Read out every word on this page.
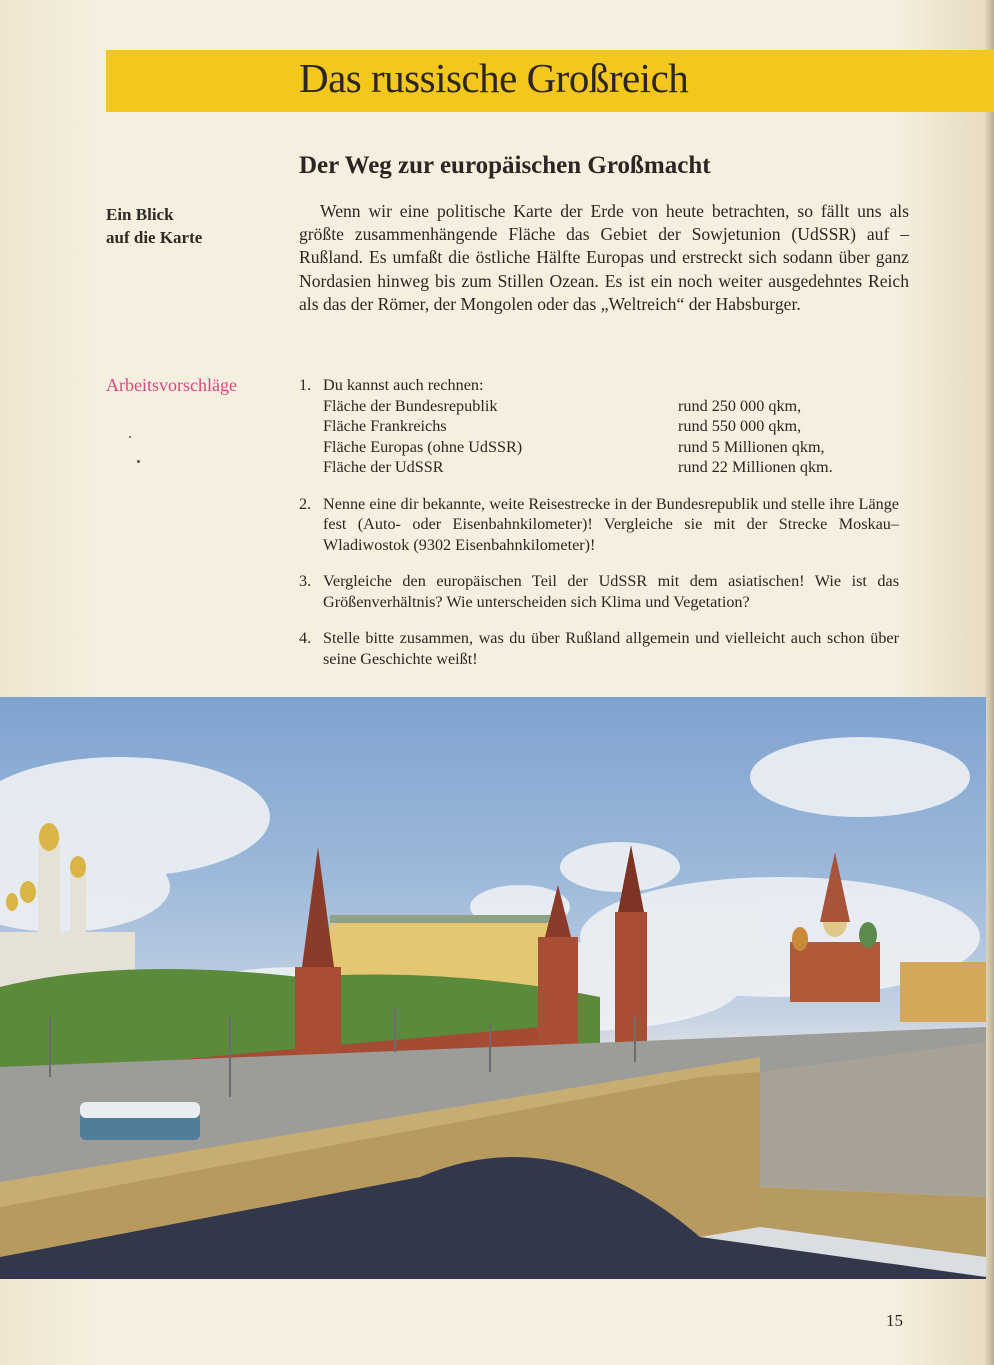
Das russische Großreich
Der Weg zur europäischen Großmacht
Ein Blick
auf die Karte

Wenn wir eine politische Karte der Erde von heute betrachten, so fällt uns als größte zusammenhängende Fläche das Gebiet der Sowjetunion (UdSSR) auf – Rußland. Es umfaßt die östliche Hälfte Europas und erstreckt sich sodann über ganz Nordasien hinweg bis zum Stillen Ozean. Es ist ein noch weiter ausgedehntes Reich als das der Römer, der Mongolen oder das „Weltreich“ der Habsburger.

Arbeitsvorschläge	1. Du kannst auch rechnen:
Fläche der Bundesrepublik	rund 250 000 qkm,
Fläche Frankreichs	rund 550 000 qkm,
Fläche Europas (ohne UdSSR)	rund 5 Millionen qkm,
Fläche der UdSSR	rund 22 Millionen qkm.
2. Nenne eine dir bekannte, weite Reisestrecke in der Bundesrepublik und stelle ihre Länge fest (Auto- oder Eisenbahnkilometer)! Vergleiche sie mit der Strecke Moskau–Wladiwostok (9302 Eisenbahnkilometer)!
3. Vergleiche den europäischen Teil der UdSSR mit dem asiatischen! Wie ist das Größenverhältnis? Wie unterscheiden sich Klima und Vegetation?
4. Stelle bitte zusammen, was du über Rußland allgemein und vielleicht auch schon über seine Geschichte weißt!
15
